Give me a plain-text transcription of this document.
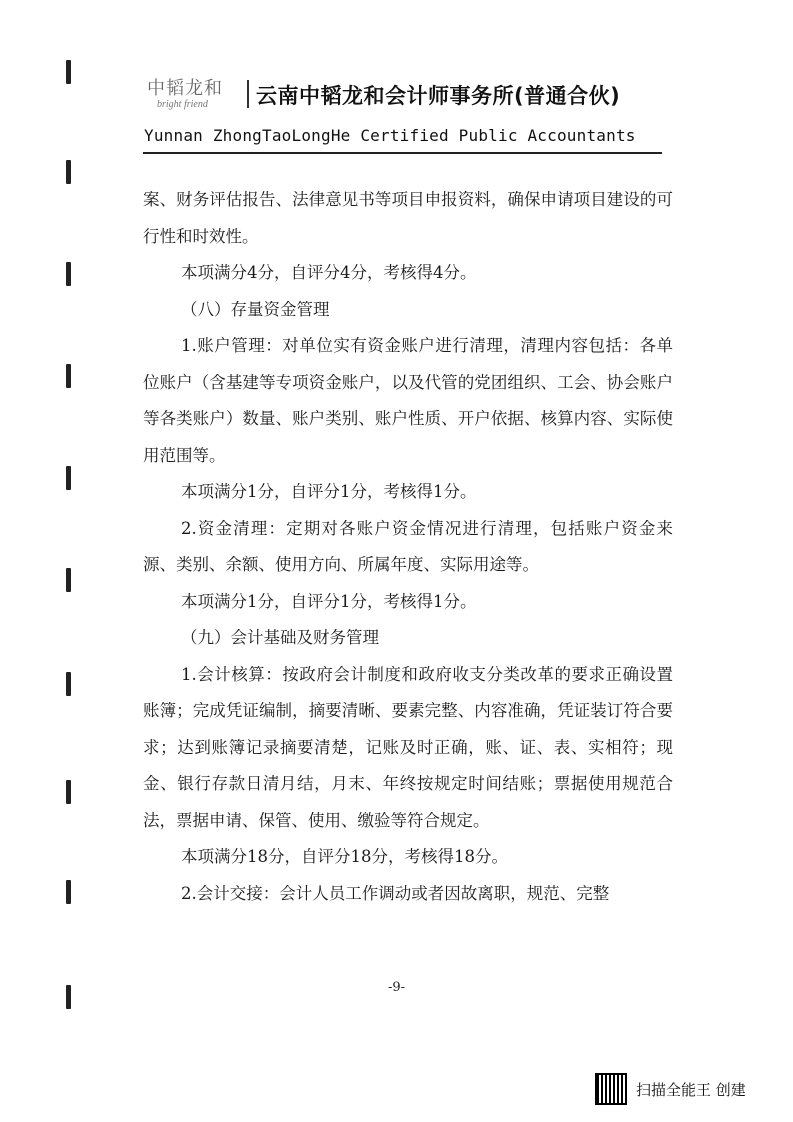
中韬龙和
bright friend 云南中韬龙和会计师事务所(普通合伙)
Yunnan ZhongTaoLongHe Certified Public Accountants

案、财务评估报告、法律意见书等项目申报资料，确保申请项目建设的可行性和时效性。

本项满分4分，自评分4分，考核得4分。

（八）存量资金管理

1.账户管理：对单位实有资金账户进行清理，清理内容包括：各单位账户（含基建等专项资金账户，以及代管的党团组织、工会、协会账户等各类账户）数量、账户类别、账户性质、开户依据、核算内容、实际使用范围等。

本项满分1分，自评分1分，考核得1分。

2.资金清理：定期对各账户资金情况进行清理，包括账户资金来源、类别、余额、使用方向、所属年度、实际用途等。

本项满分1分，自评分1分，考核得1分。

（九）会计基础及财务管理

1.会计核算：按政府会计制度和政府收支分类改革的要求正确设置账簿；完成凭证编制，摘要清晰、要素完整、内容准确，凭证装订符合要求；达到账簿记录摘要清楚，记账及时正确，账、证、表、实相符；现金、银行存款日清月结，月末、年终按规定时间结账；票据使用规范合法，票据申请、保管、使用、缴验等符合规定。

本项满分18分，自评分18分，考核得18分。

2.会计交接：会计人员工作调动或者因故离职，规范、完整

-9-
扫描全能王 创建
